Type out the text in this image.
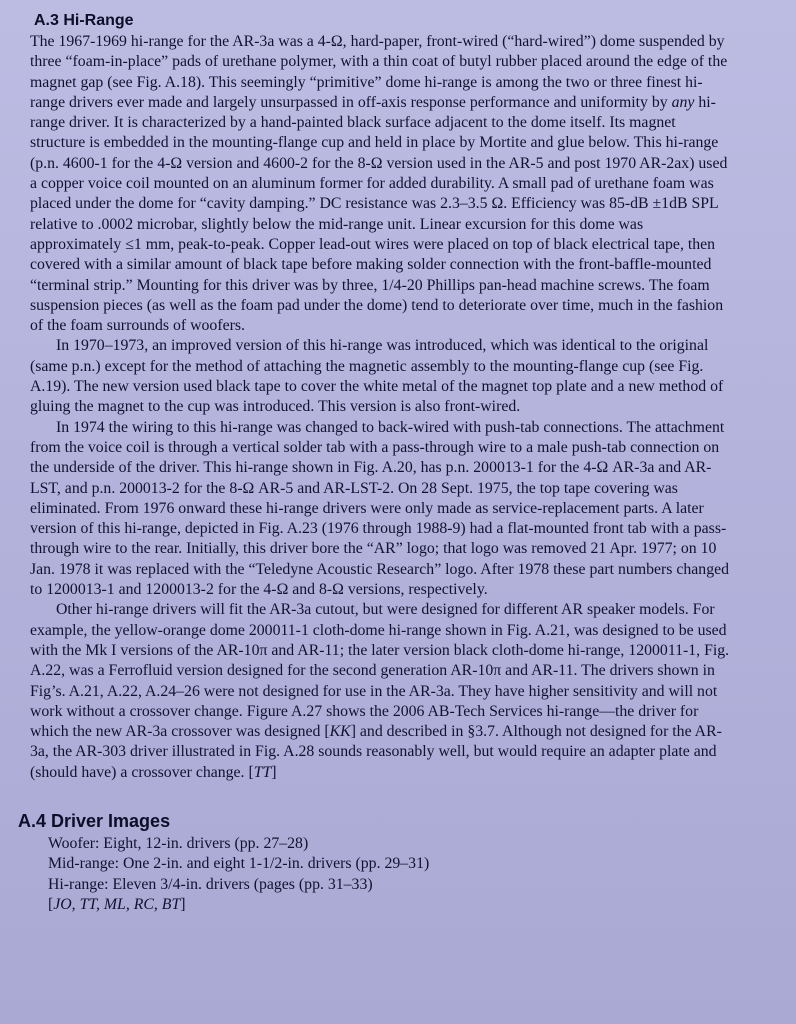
A.3 Hi-Range

The 1967-1969 hi-range for the AR-3a was a 4-Ω, hard-paper, front-wired (“hard-wired”) dome suspended by three “foam-in-place” pads of urethane polymer, with a thin coat of butyl rubber placed around the edge of the magnet gap (see Fig. A.18). This seemingly “primitive” dome hi-range is among the two or three finest hi-range drivers ever made and largely unsurpassed in off-axis response performance and uniformity by any hi-range driver. It is characterized by a hand-painted black surface adjacent to the dome itself. Its magnet structure is embedded in the mounting-flange cup and held in place by Mortite and glue below. This hi-range (p.n. 4600-1 for the 4-Ω version and 4600-2 for the 8-Ω version used in the AR-5 and post 1970 AR-2ax) used a copper voice coil mounted on an aluminum former for added durability. A small pad of urethane foam was placed under the dome for “cavity damping.” DC resistance was 2.3–3.5 Ω. Efficiency was 85-dB ±1dB SPL relative to .0002 microbar, slightly below the mid-range unit. Linear excursion for this dome was approximately ≤1 mm, peak-to-peak. Copper lead-out wires were placed on top of black electrical tape, then covered with a similar amount of black tape before making solder connection with the front-baffle-mounted “terminal strip.” Mounting for this driver was by three, 1/4-20 Phillips pan-head machine screws. The foam suspension pieces (as well as the foam pad under the dome) tend to deteriorate over time, much in the fashion of the foam surrounds of woofers.

In 1970–1973, an improved version of this hi-range was introduced, which was identical to the original (same p.n.) except for the method of attaching the magnetic assembly to the mounting-flange cup (see Fig. A.19). The new version used black tape to cover the white metal of the magnet top plate and a new method of gluing the magnet to the cup was introduced. This version is also front-wired.

In 1974 the wiring to this hi-range was changed to back-wired with push-tab connections. The attachment from the voice coil is through a vertical solder tab with a pass-through wire to a male push-tab connection on the underside of the driver. This hi-range shown in Fig. A.20, has p.n. 200013-1 for the 4-Ω AR-3a and AR-LST, and p.n. 200013-2 for the 8-Ω AR-5 and AR-LST-2. On 28 Sept. 1975, the top tape covering was eliminated. From 1976 onward these hi-range drivers were only made as service-replacement parts. A later version of this hi-range, depicted in Fig. A.23 (1976 through 1988-9) had a flat-mounted front tab with a pass-through wire to the rear. Initially, this driver bore the “AR” logo; that logo was removed 21 Apr. 1977; on 10 Jan. 1978 it was replaced with the “Teledyne Acoustic Research” logo. After 1978 these part numbers changed to 1200013-1 and 1200013-2 for the 4-Ω and 8-Ω versions, respectively.

Other hi-range drivers will fit the AR-3a cutout, but were designed for different AR speaker models. For example, the yellow-orange dome 200011-1 cloth-dome hi-range shown in Fig. A.21, was designed to be used with the Mk I versions of the AR-10π and AR-11; the later version black cloth-dome hi-range, 1200011-1, Fig. A.22, was a Ferrofluid version designed for the second generation AR-10π and AR-11. The drivers shown in Fig’s. A.21, A.22, A.24–26 were not designed for use in the AR-3a. They have higher sensitivity and will not work without a crossover change. Figure A.27 shows the 2006 AB-Tech Services hi-range—the driver for which the new AR-3a crossover was designed [KK] and described in §3.7. Although not designed for the AR-3a, the AR-303 driver illustrated in Fig. A.28 sounds reasonably well, but would require an adapter plate and (should have) a crossover change. [TT]

A.4 Driver Images

Woofer: Eight, 12-in. drivers (pp. 27–28)

Mid-range: One 2-in. and eight 1-1/2-in. drivers (pp. 29–31)

Hi-range: Eleven 3/4-in. drivers (pages (pp. 31–33)

[JO, TT, ML, RC, BT]
